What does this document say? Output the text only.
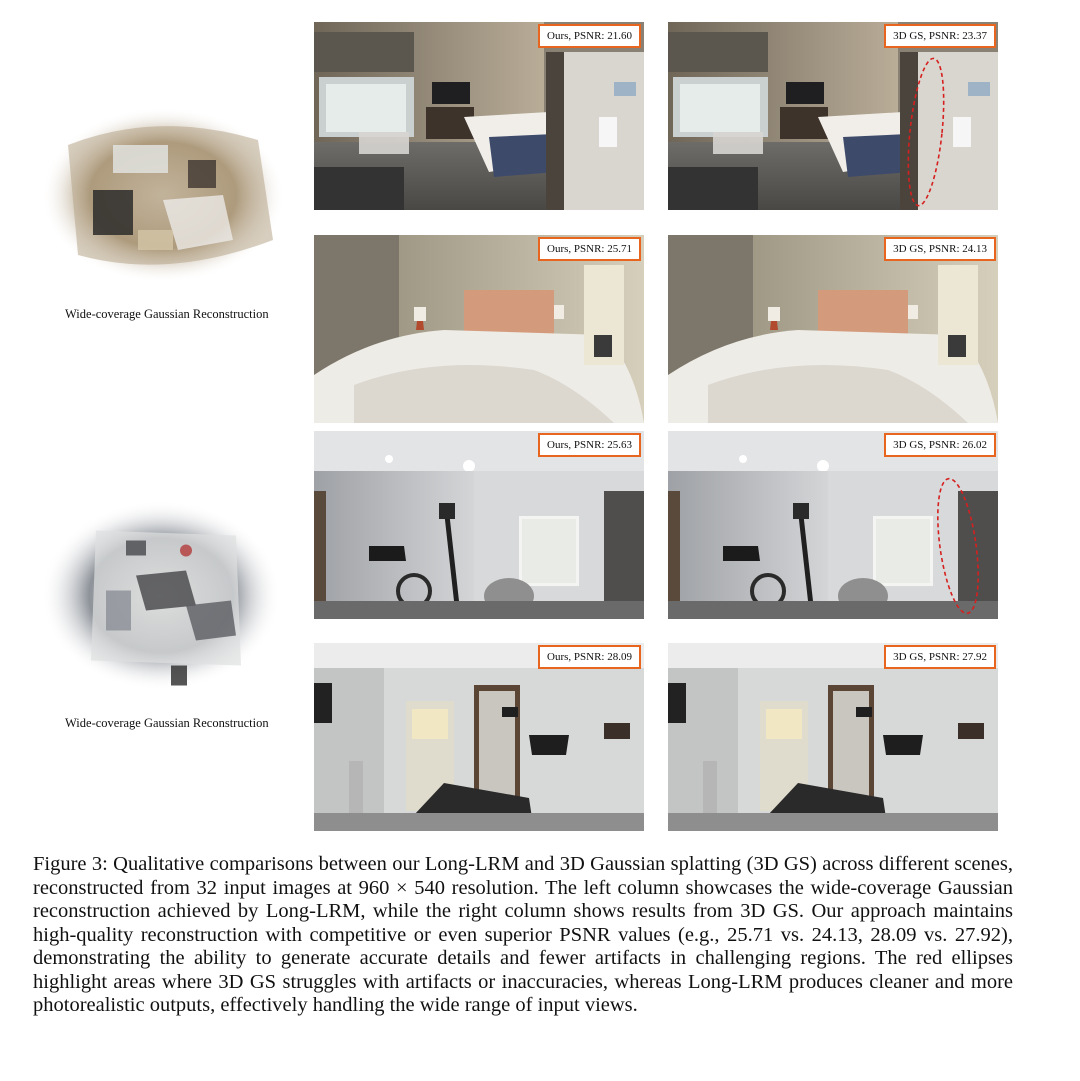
Wide-coverage Gaussian Reconstruction
Wide-coverage Gaussian Reconstruction
Ours, PSNR: 21.60	3D GS, PSNR: 23.37
Ours, PSNR: 25.71	3D GS, PSNR: 24.13
Ours, PSNR: 25.63	3D GS, PSNR: 26.02
Ours, PSNR: 28.09	3D GS, PSNR: 27.92
Figure 3: Qualitative comparisons between our Long-LRM and 3D Gaussian splatting (3D GS) across different scenes, reconstructed from 32 input images at 960 × 540 resolution. The left column showcases the wide-coverage Gaussian reconstruction achieved by Long-LRM, while the right column shows results from 3D GS. Our approach maintains high-quality reconstruction with competitive or even superior PSNR values (e.g., 25.71 vs. 24.13, 28.09 vs. 27.92), demonstrating the ability to generate accurate details and fewer artifacts in challenging regions. The red ellipses highlight areas where 3D GS struggles with artifacts or inaccuracies, whereas Long-LRM produces cleaner and more photorealistic outputs, effectively handling the wide range of input views.
